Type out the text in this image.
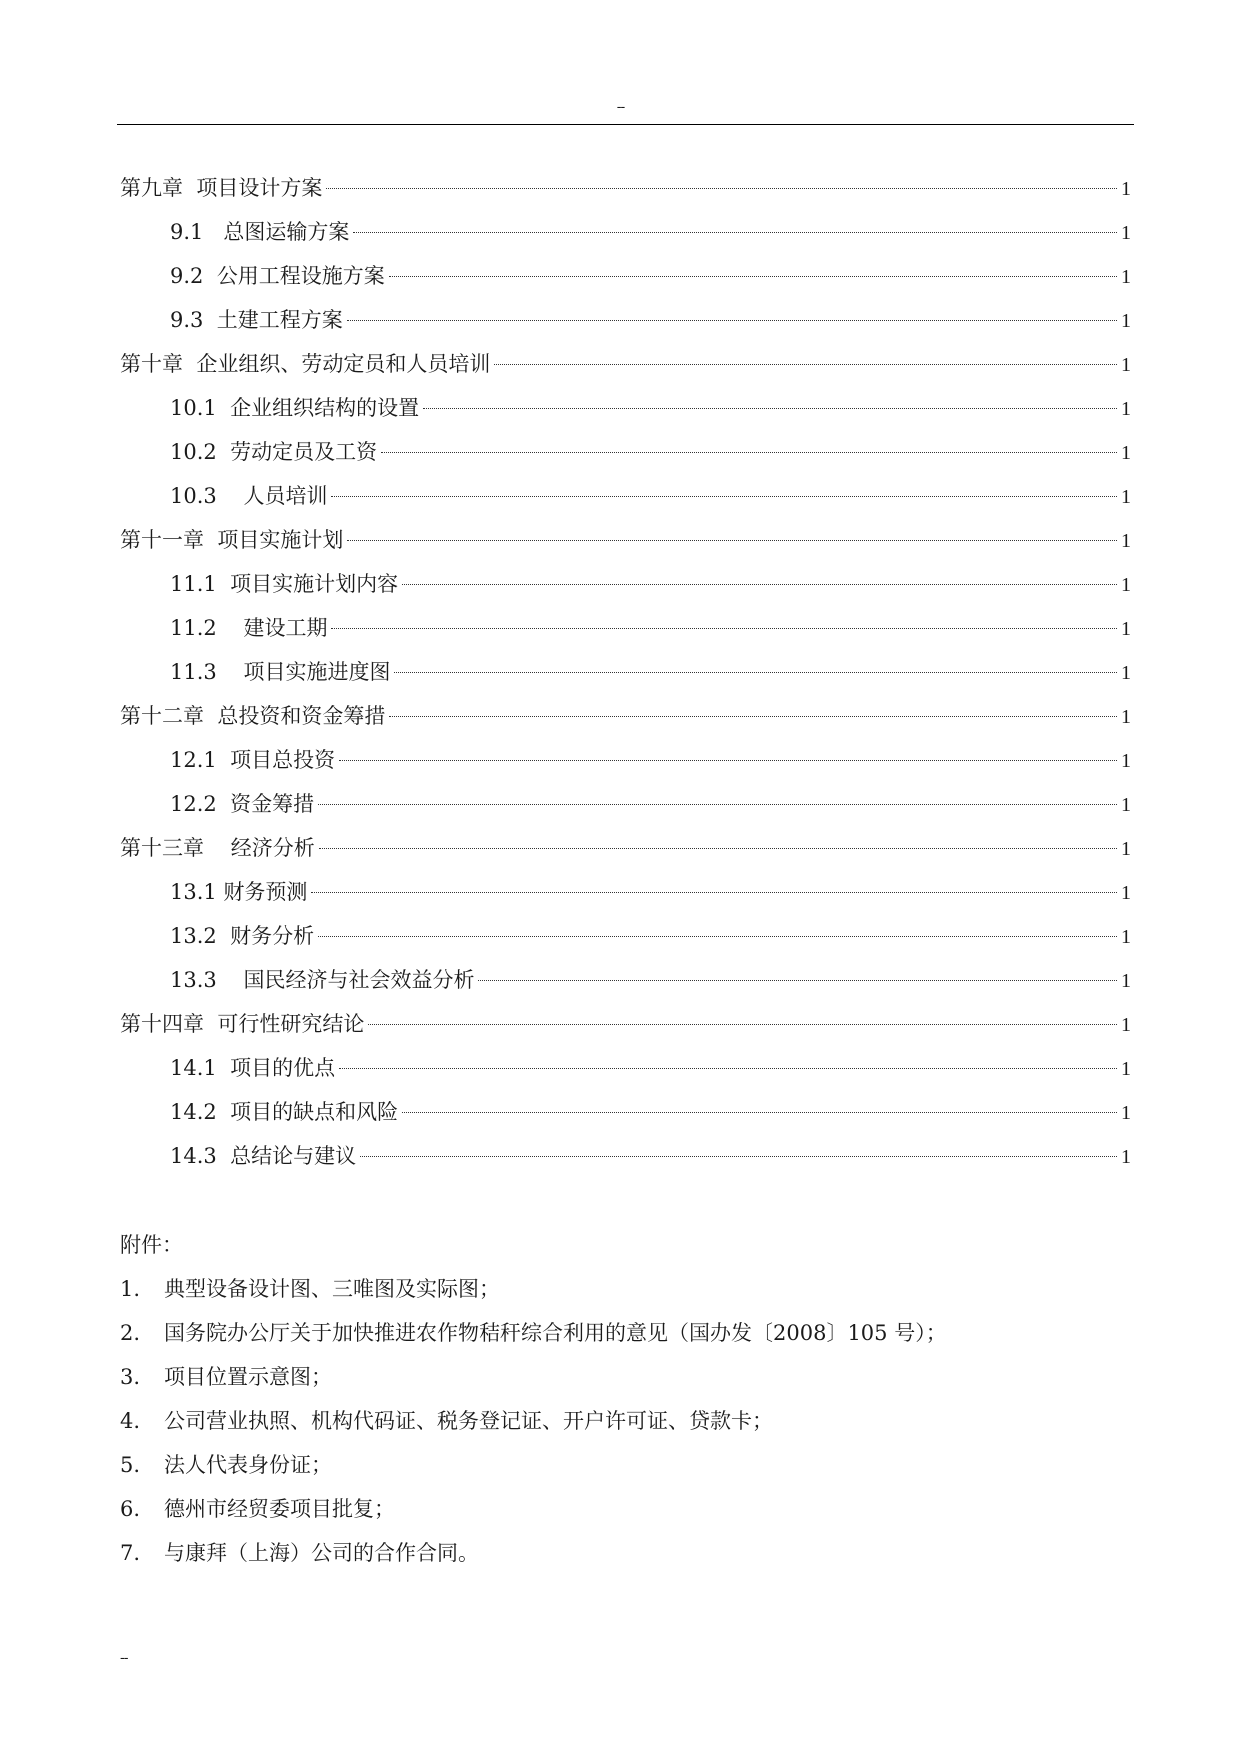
--
第九章  项目设计方案	1
9.1   总图运输方案	1
9.2  公用工程设施方案	1
9.3  土建工程方案	1
第十章  企业组织、劳动定员和人员培训	1
10.1  企业组织结构的设置	1
10.2  劳动定员及工资	1
10.3    人员培训	1
第十一章  项目实施计划	1
11.1  项目实施计划内容	1
11.2    建设工期	1
11.3    项目实施进度图	1
第十二章  总投资和资金筹措	1
12.1  项目总投资	1
12.2  资金筹措	1
第十三章    经济分析	1
13.1 财务预测	1
13.2  财务分析	1
13.3    国民经济与社会效益分析	1
第十四章  可行性研究结论	1
14.1  项目的优点	1
14.2  项目的缺点和风险	1
14.3  总结论与建议	1
附件：
1.	典型设备设计图、三唯图及实际图；
2.	国务院办公厅关于加快推进农作物秸秆综合利用的意见（国办发〔2008〕105 号）；
3.	项目位置示意图；
4.	公司营业执照、机构代码证、税务登记证、开户许可证、贷款卡；
5.	法人代表身份证；
6.	德州市经贸委项目批复；
7.	与康拜（上海）公司的合作合同。
--
